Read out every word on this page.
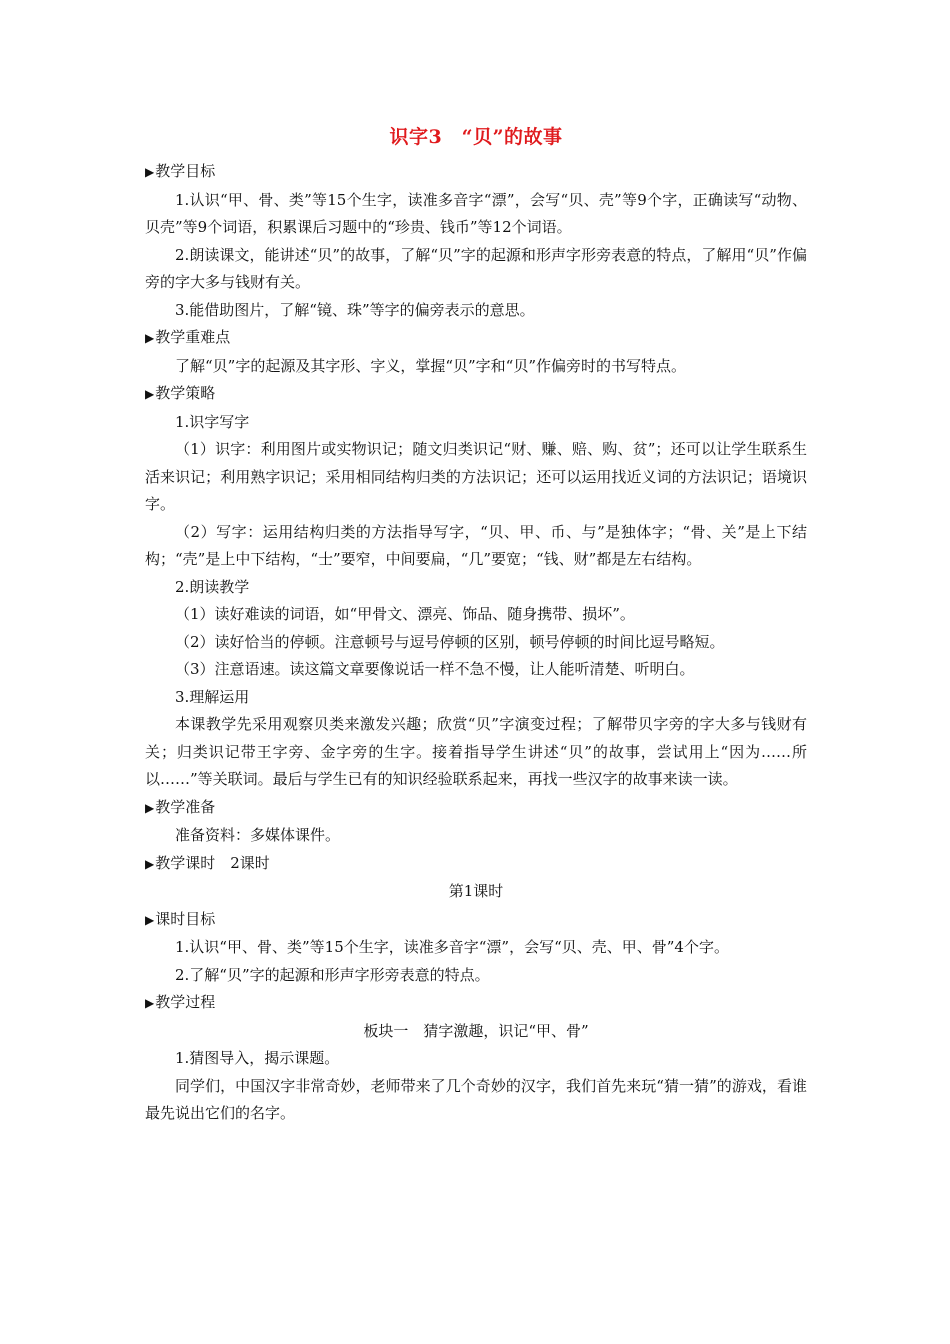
识字3　“贝”的故事
▶教学目标

1.认识“甲、骨、类”等15个生字，读准多音字“漂”，会写“贝、壳”等9个字，正确读写“动物、贝壳”等9个词语，积累课后习题中的“珍贵、钱币”等12个词语。

2.朗读课文，能讲述“贝”的故事，了解“贝”字的起源和形声字形旁表意的特点，了解用“贝”作偏旁的字大多与钱财有关。

3.能借助图片，了解“镜、珠”等字的偏旁表示的意思。

▶教学重难点

了解“贝”字的起源及其字形、字义，掌握“贝”字和“贝”作偏旁时的书写特点。

▶教学策略

1.识字写字

（1）识字：利用图片或实物识记；随文归类识记“财、赚、赔、购、贫”；还可以让学生联系生活来识记；利用熟字识记；采用相同结构归类的方法识记；还可以运用找近义词的方法识记；语境识字。

（2）写字：运用结构归类的方法指导写字，“贝、甲、币、与”是独体字；“骨、关”是上下结构；“壳”是上中下结构，“士”要窄，中间要扁，“几”要宽；“钱、财”都是左右结构。

2.朗读教学

（1）读好难读的词语，如“甲骨文、漂亮、饰品、随身携带、损坏”。

（2）读好恰当的停顿。注意顿号与逗号停顿的区别，顿号停顿的时间比逗号略短。

（3）注意语速。读这篇文章要像说话一样不急不慢，让人能听清楚、听明白。

3.理解运用

本课教学先采用观察贝类来激发兴趣；欣赏“贝”字演变过程；了解带贝字旁的字大多与钱财有关；归类识记带王字旁、金字旁的生字。接着指导学生讲述“贝”的故事，尝试用上“因为……所以……”等关联词。最后与学生已有的知识经验联系起来，再找一些汉字的故事来读一读。

▶教学准备

准备资料：多媒体课件。

▶教学课时　2课时

第1课时

▶课时目标

1.认识“甲、骨、类”等15个生字，读准多音字“漂”，会写“贝、壳、甲、骨”4个字。

2.了解“贝”字的起源和形声字形旁表意的特点。

▶教学过程

板块一　猜字激趣，识记“甲、骨”

1.猜图导入，揭示课题。

同学们，中国汉字非常奇妙，老师带来了几个奇妙的汉字，我们首先来玩“猜一猜”的游戏，看谁最先说出它们的名字。
